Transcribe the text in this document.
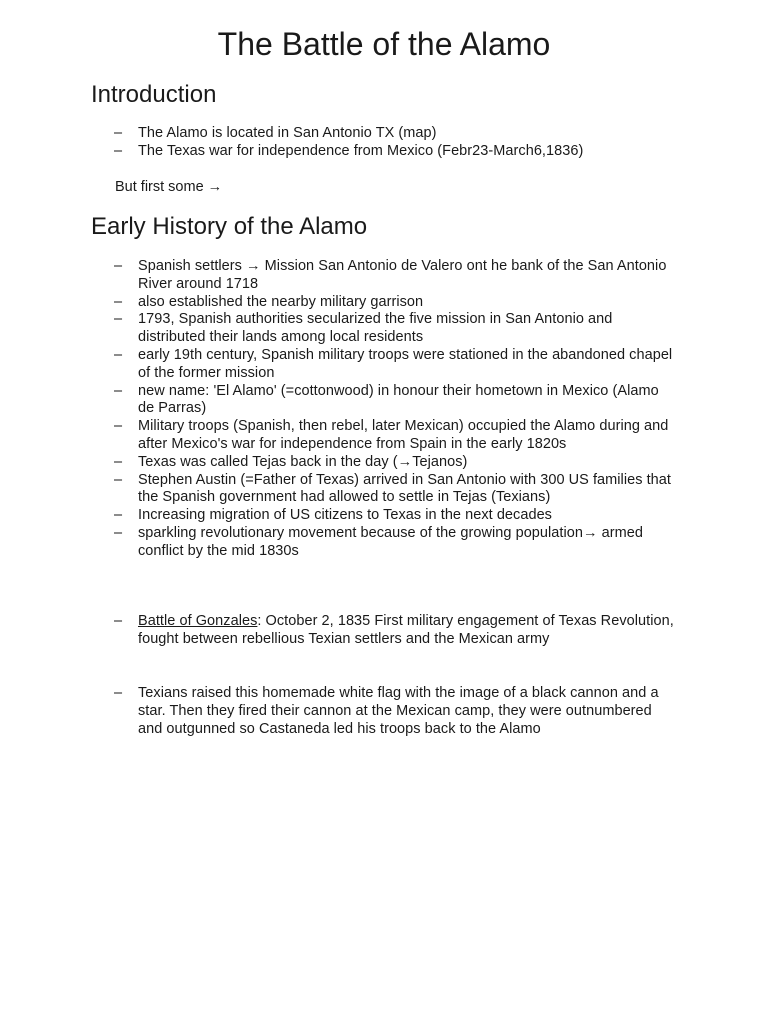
The Battle of the Alamo
Introduction
– The Alamo is located in San Antonio TX (map)
– The Texas war for independence from Mexico (Febr23-March6,1836)

But first some →

Early History of the Alamo
– Spanish settlers → Mission San Antonio de Valero ont he bank of the San Antonio River around 1718
– also established the nearby military garrison
– 1793, Spanish authorities secularized the five mission in San Antonio and distributed their lands among local residents
– early 19th century, Spanish military troops were stationed in the abandoned chapel of the former mission
– new name: 'El Alamo' (=cottonwood) in honour their hometown in Mexico (Alamo de Parras)
– Military troops (Spanish, then rebel, later Mexican) occupied the Alamo during and after Mexico's war for independence from Spain in the early 1820s
– Texas was called Tejas back in the day (→Tejanos)
– Stephen Austin (=Father of Texas) arrived in San Antonio with 300 US families that the Spanish government had allowed to settle in Tejas (Texians)
– Increasing migration of US citizens to Texas in the next decades
– sparkling revolutionary movement because of the growing population→ armed conflict by the mid 1830s
– Battle of Gonzales: October 2, 1835 First military engagement of Texas Revolution, fought between rebellious Texian settlers and the Mexican army
– Texians raised this homemade white flag with the image of a black cannon and a star. Then they fired their cannon at the Mexican camp, they were outnumbered and outgunned so Castaneda led his troops back to the Alamo
